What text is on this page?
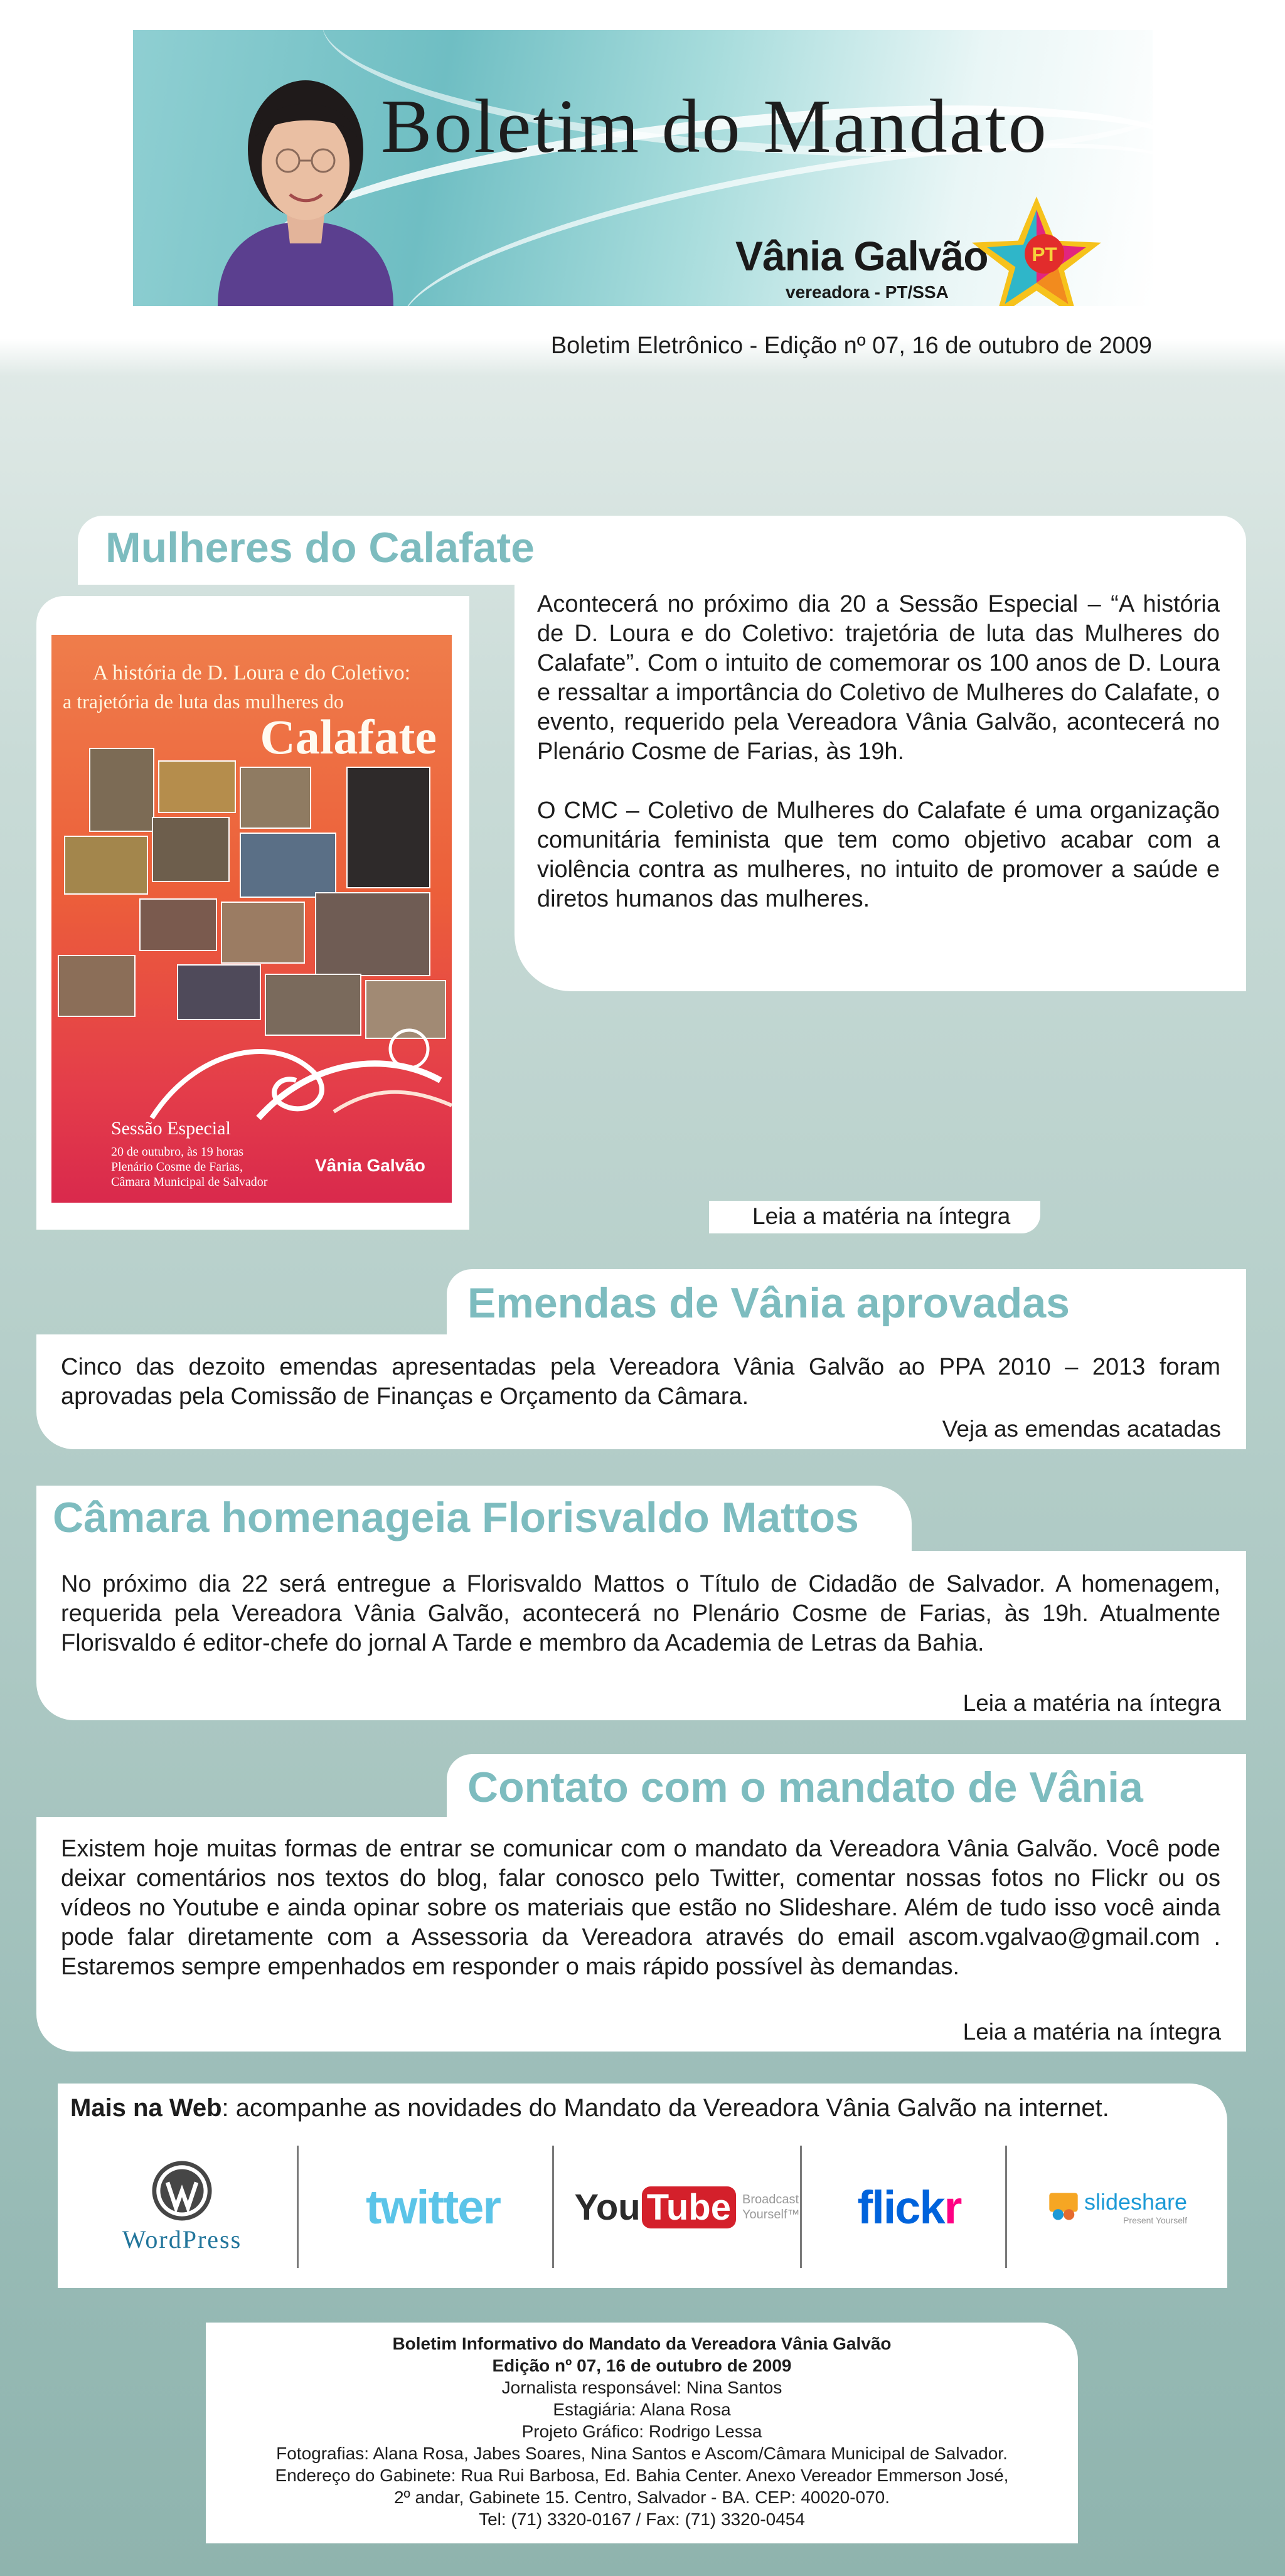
Boletim do Mandato
Vânia Galvão
vereadora - PT/SSA
PT
Boletim Eletrônico - Edição nº 07, 16 de outubro de 2009
Mulheres do Calafate
A história de D. Loura e do Coletivo:
a trajetória de luta das mulheres do
Calafate
Sessão Especial
20 de outubro, às 19 horas
Plenário Cosme de Farias,
Câmara Municipal de Salvador
Vânia Galvão
Acontecerá no próximo dia 20 a Sessão Especial – “A história de D. Loura e do Coletivo: trajetória de luta das Mulheres do Calafate”. Com o intuito de comemorar os 100 anos de D. Loura e ressaltar a importância do Coletivo de Mulheres do Calafate, o evento, requerido pela Vereadora Vânia Galvão, acontecerá no Plenário Cosme de Farias, às 19h.
O CMC – Coletivo de Mulheres do Calafate é uma organização comunitária feminista que tem como objetivo acabar com a violência contra as mulheres, no intuito de promover a saúde e diretos humanos das mulheres.
Leia a matéria na íntegra
Emendas de Vânia aprovadas
Cinco das dezoito emendas apresentadas pela Vereadora Vânia Galvão ao PPA 2010 – 2013 foram aprovadas pela Comissão de Finanças e Orçamento da Câmara.
Veja as emendas acatadas
Câmara homenageia Florisvaldo Mattos
No próximo dia 22 será entregue a Florisvaldo Mattos o Título de Cidadão de Salvador. A homenagem, requerida pela Vereadora Vânia Galvão, acontecerá no Plenário Cosme de Farias, às 19h. Atualmente Florisvaldo é editor-chefe do jornal A Tarde e membro da Academia de Letras da Bahia.
Leia a matéria na íntegra
Contato com o mandato de Vânia
Existem hoje muitas formas de entrar se comunicar com o mandato da Vereadora Vânia Galvão. Você pode deixar comentários nos textos do blog, falar conosco pelo Twitter, comentar nossas fotos no Flickr ou os vídeos no Youtube e ainda opinar sobre os materiais que estão no Slideshare. Além de tudo isso você ainda pode falar diretamente com a Assessoria da Vereadora através do email ascom.vgalvao@gmail.com . Estaremos sempre empenhados em responder o mais rápido possível às demandas.
Leia a matéria na íntegra
Mais na Web: acompanhe as novidades do Mandato da Vereadora Vânia Galvão na internet.
WordPress
twitter You Tube Broadcast
Yourself™ flick r	slideshare
Present Yourself
Boletim Informativo do Mandato da Vereadora Vânia Galvão
Edição nº 07, 16 de outubro de 2009
Jornalista responsável: Nina Santos
Estagiária: Alana Rosa
Projeto Gráfico: Rodrigo Lessa
Fotografias: Alana Rosa, Jabes Soares, Nina Santos e Ascom/Câmara Municipal de Salvador.
Endereço do Gabinete: Rua Rui Barbosa, Ed. Bahia Center. Anexo Vereador Emmerson José,
2º andar, Gabinete 15. Centro, Salvador - BA. CEP: 40020-070.
Tel: (71) 3320-0167 / Fax: (71) 3320-0454
